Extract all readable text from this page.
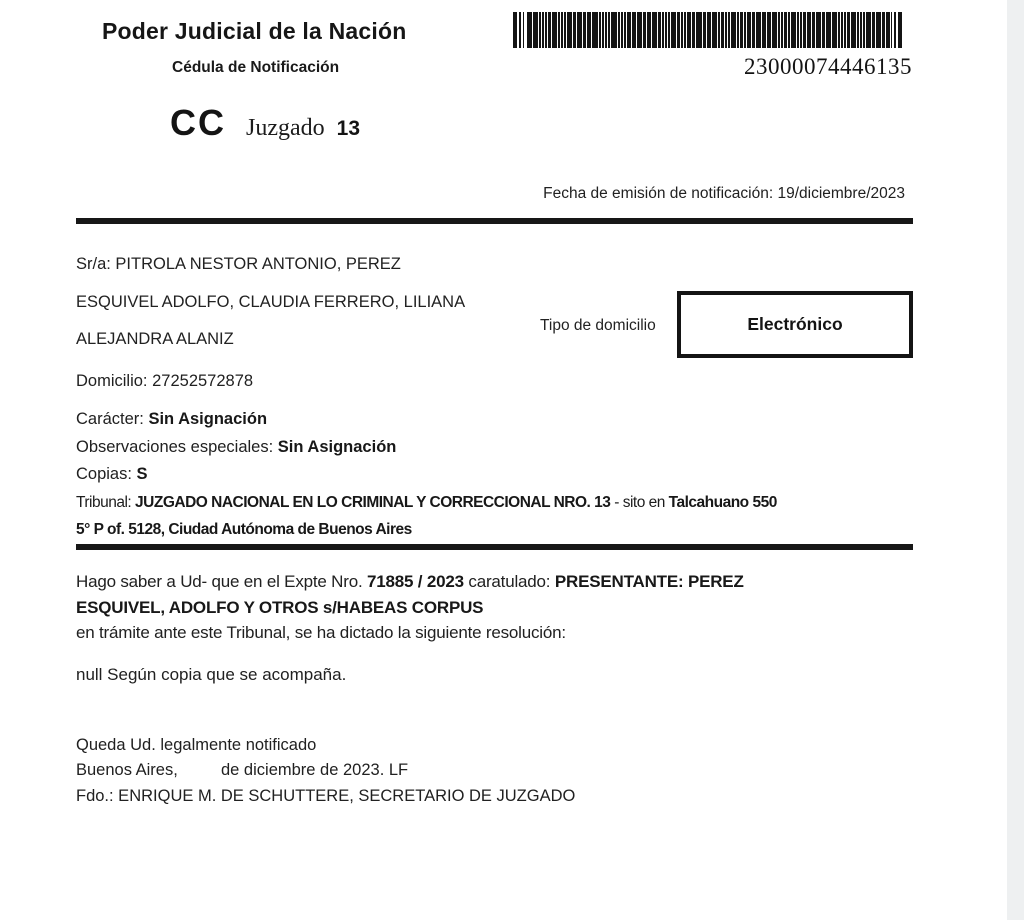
Poder Judicial de la Nación
Cédula de Notificación	23000074446135
CC Juzgado 13
Fecha de emisión de notificación: 19/diciembre/2023
Sr/a: PITROLA NESTOR ANTONIO, PEREZ
ESQUIVEL ADOLFO, CLAUDIA FERRERO, LILIANA
ALEJANDRA ALANIZ
Tipo de domicilio	Electrónico
Domicilio: 27252572878
Carácter: Sin Asignación
Observaciones especiales: Sin Asignación
Copias: S
Tribunal: JUZGADO NACIONAL EN LO CRIMINAL Y CORRECCIONAL NRO. 13 - sito en Talcahuano 550
5° P of. 5128, Ciudad Autónoma de Buenos Aires
Hago saber a Ud- que en el Expte Nro. 71885 / 2023 caratulado: PRESENTANTE: PEREZ
ESQUIVEL, ADOLFO Y OTROS s/HABEAS CORPUS
en trámite ante este Tribunal, se ha dictado la siguiente resolución:
null Según copia que se acompaña.
Queda Ud. legalmente notificado
Buenos Aires,	de diciembre de 2023. LF
Fdo.: ENRIQUE M. DE SCHUTTERE, SECRETARIO DE JUZGADO
